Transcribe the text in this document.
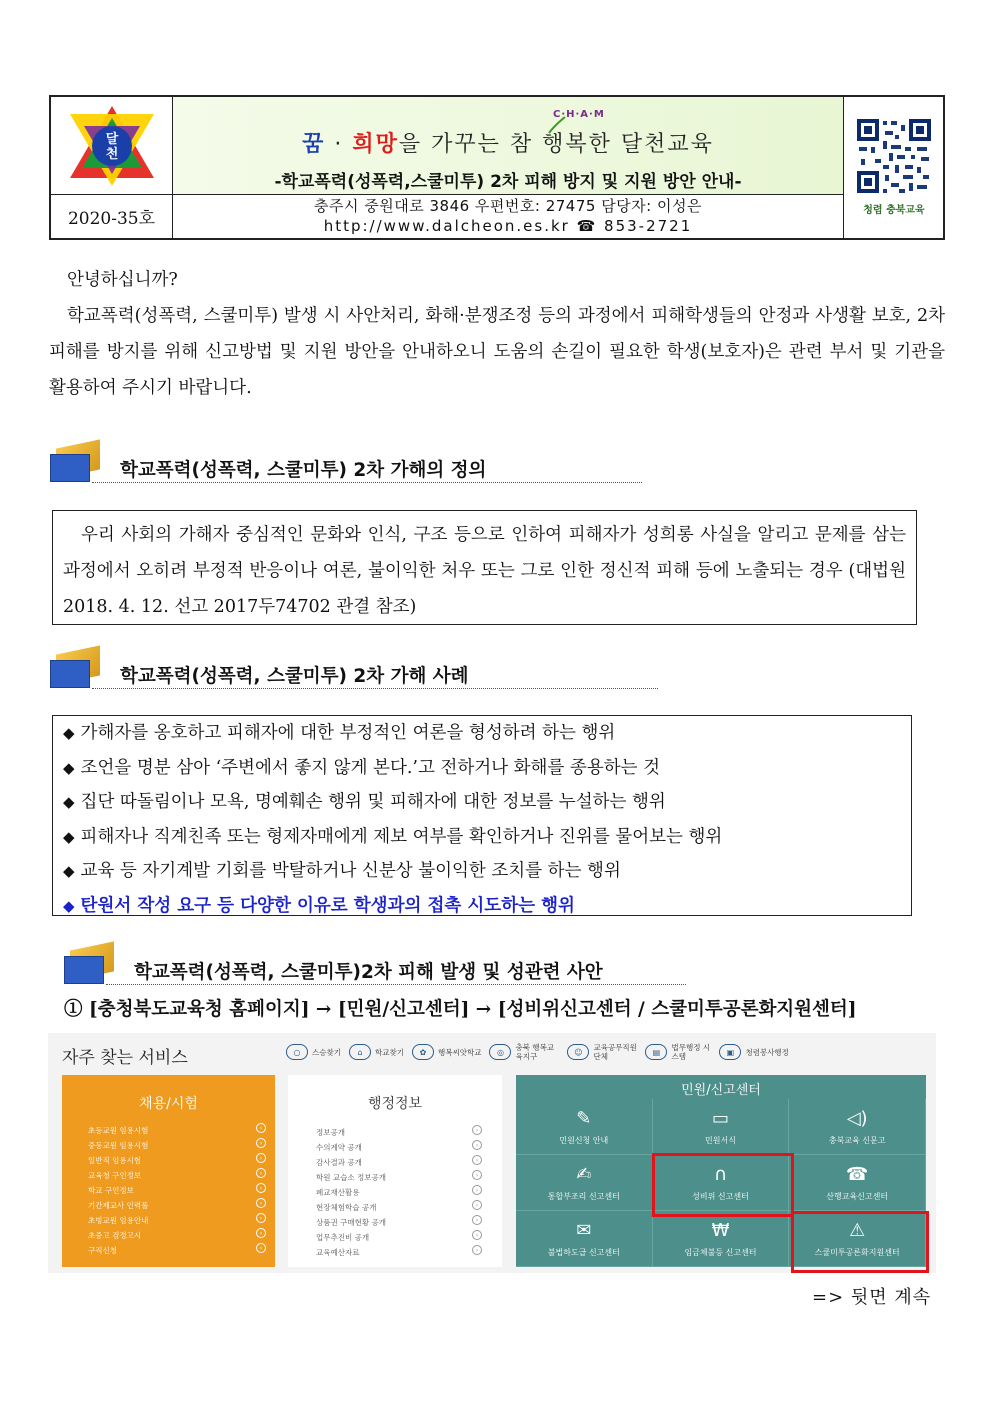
달
천
C·H·A·M
꿈 · 희망을 가꾸는 참 행복한 달천교육
-학교폭력(성폭력,스쿨미투) 2차 피해 방지 및 지원 방안 안내-
청렴 충북교육
2020-35호
충주시 중원대로 3846 우편번호: 27475 담당자: 이성은
http://www.dalcheon.es.kr ☎ 853-2721

안녕하십니까?

학교폭력(성폭력, 스쿨미투) 발생 시 사안처리, 화해·분쟁조정 등의 과정에서 피해학생들의 안정과 사생활 보호, 2차 피해를 방지를 위해 신고방법 및 지원 방안을 안내하오니 도움의 손길이 필요한 학생(보호자)은 관련 부서 및 기관을 활용하여 주시기 바랍니다.

학교폭력(성폭력, 스쿨미투) 2차 가해의 정의

우리 사회의 가해자 중심적인 문화와 인식, 구조 등으로 인하여 피해자가 성희롱 사실을 알리고 문제를 삼는 과정에서 오히려 부정적 반응이나 여론, 불이익한 처우 또는 그로 인한 정신적 피해 등에 노출되는 경우 (대법원 2018. 4. 12. 선고 2017두74702 관결 참조)

학교폭력(성폭력, 스쿨미투) 2차 가해 사례
◆ 가해자를 옹호하고 피해자에 대한 부정적인 여론을 형성하려 하는 행위
◆ 조언을 명분 삼아 ‘주변에서 좋지 않게 본다.’고 전하거나 화해를 종용하는 것
◆ 집단 따돌림이나 모욕, 명예훼손 행위 및 피해자에 대한 정보를 누설하는 행위
◆ 피해자나 직계친족 또는 형제자매에게 제보 여부를 확인하거나 진위를 물어보는 행위
◆ 교육 등 자기계발 기회를 박탈하거나 신분상 불이익한 조치를 하는 행위
◆ 탄원서 작성 요구 등 다양한 이유로 학생과의 접촉 시도하는 행위
학교폭력(성폭력, 스쿨미투)2차 피해 발생 및 성관련 사안
① [충청북도교육청 홈페이지] → [민원/신고센터] → [성비위신고센터 / 스쿨미투공론화지원센터]
자주 찾는 서비스	○	스승찾기	⌂	학교찾기	✿	행복씨앗학교	◎	충북 행복교육지구	☺	교육공무직원 단체	▤	법무행정 시스템	▣	청렴봉사행정
채용/시험
초등교원 임용시험	›
중등교원 임용시험	›
일반직 임용시험	›
교육청 구인정보	›
학교 구인정보	›
기간제교사 인력풀	›
초빙교원 임용안내	›
초중고 검정고시	›
구직신청	›
행정정보
정보공개	›
수의계약 공개	›
감사결과 공개	›
학원 교습소 정보공개	›
폐교재산활용	›
현장체험학습 공개	›
상품권 구매현황 공개	›
업무추진비 공개	›
교육예산자료	›
민원/신고센터
✎
민원신청 안내
▭
민원서식
◁)
충북교육 신문고
✍
통합부조리 신고센터
∩
성비위 신고센터
☎
산행교육신고센터
✉
불법하도급 신고센터
₩
임금체불등 신고센터
⚠
스쿨미투공론화지원센터
=> 뒷면 계속
